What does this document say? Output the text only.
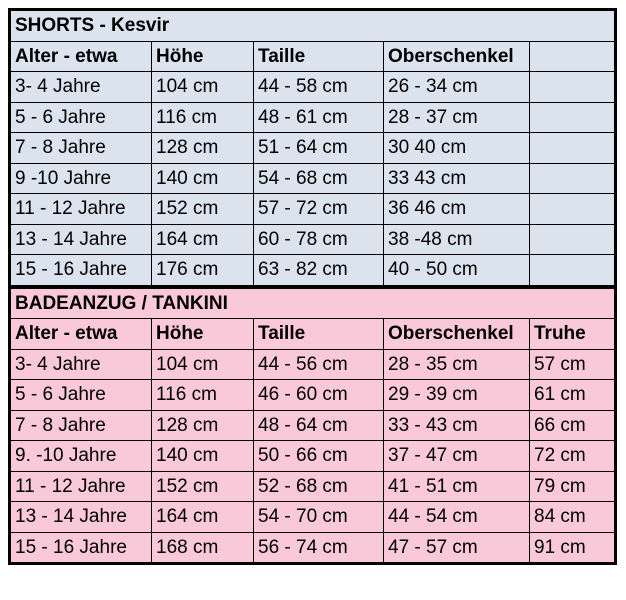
SHORTS - Kesvir				
Alter - etwa	Höhe	Taille	Oberschenkel	
3- 4 Jahre	104 cm	44 - 58 cm	26 - 34 cm	
5 - 6 Jahre	116 cm	48 - 61 cm	28 - 37 cm	
7 - 8 Jahre	128 cm	51 - 64 cm	30 40 cm	
9 -10 Jahre	140 cm	54 - 68 cm	33 43 cm	
11 - 12 Jahre	152 cm	57 - 72 cm	36 46 cm	
13 - 14 Jahre	164 cm	60 - 78 cm	38 -48 cm	
15 - 16 Jahre	176 cm	63 - 82 cm	40 - 50 cm	
BADEANZUG / TANKINI				
Alter - etwa	Höhe	Taille	Oberschenkel	Truhe
3- 4 Jahre	104 cm	44 - 56 cm	28 - 35 cm	57 cm
5 - 6 Jahre	116 cm	46 - 60 cm	29 - 39 cm	61 cm
7 - 8 Jahre	128 cm	48 - 64 cm	33 - 43 cm	66 cm
9. -10 Jahre	140 cm	50 - 66 cm	37 - 47 cm	72 cm
11 - 12 Jahre	152 cm	52 - 68 cm	41 - 51 cm	79 cm
13 - 14 Jahre	164 cm	54 - 70 cm	44 - 54 cm	84 cm
15 - 16 Jahre	168 cm	56 - 74 cm	47 - 57 cm	91 cm
